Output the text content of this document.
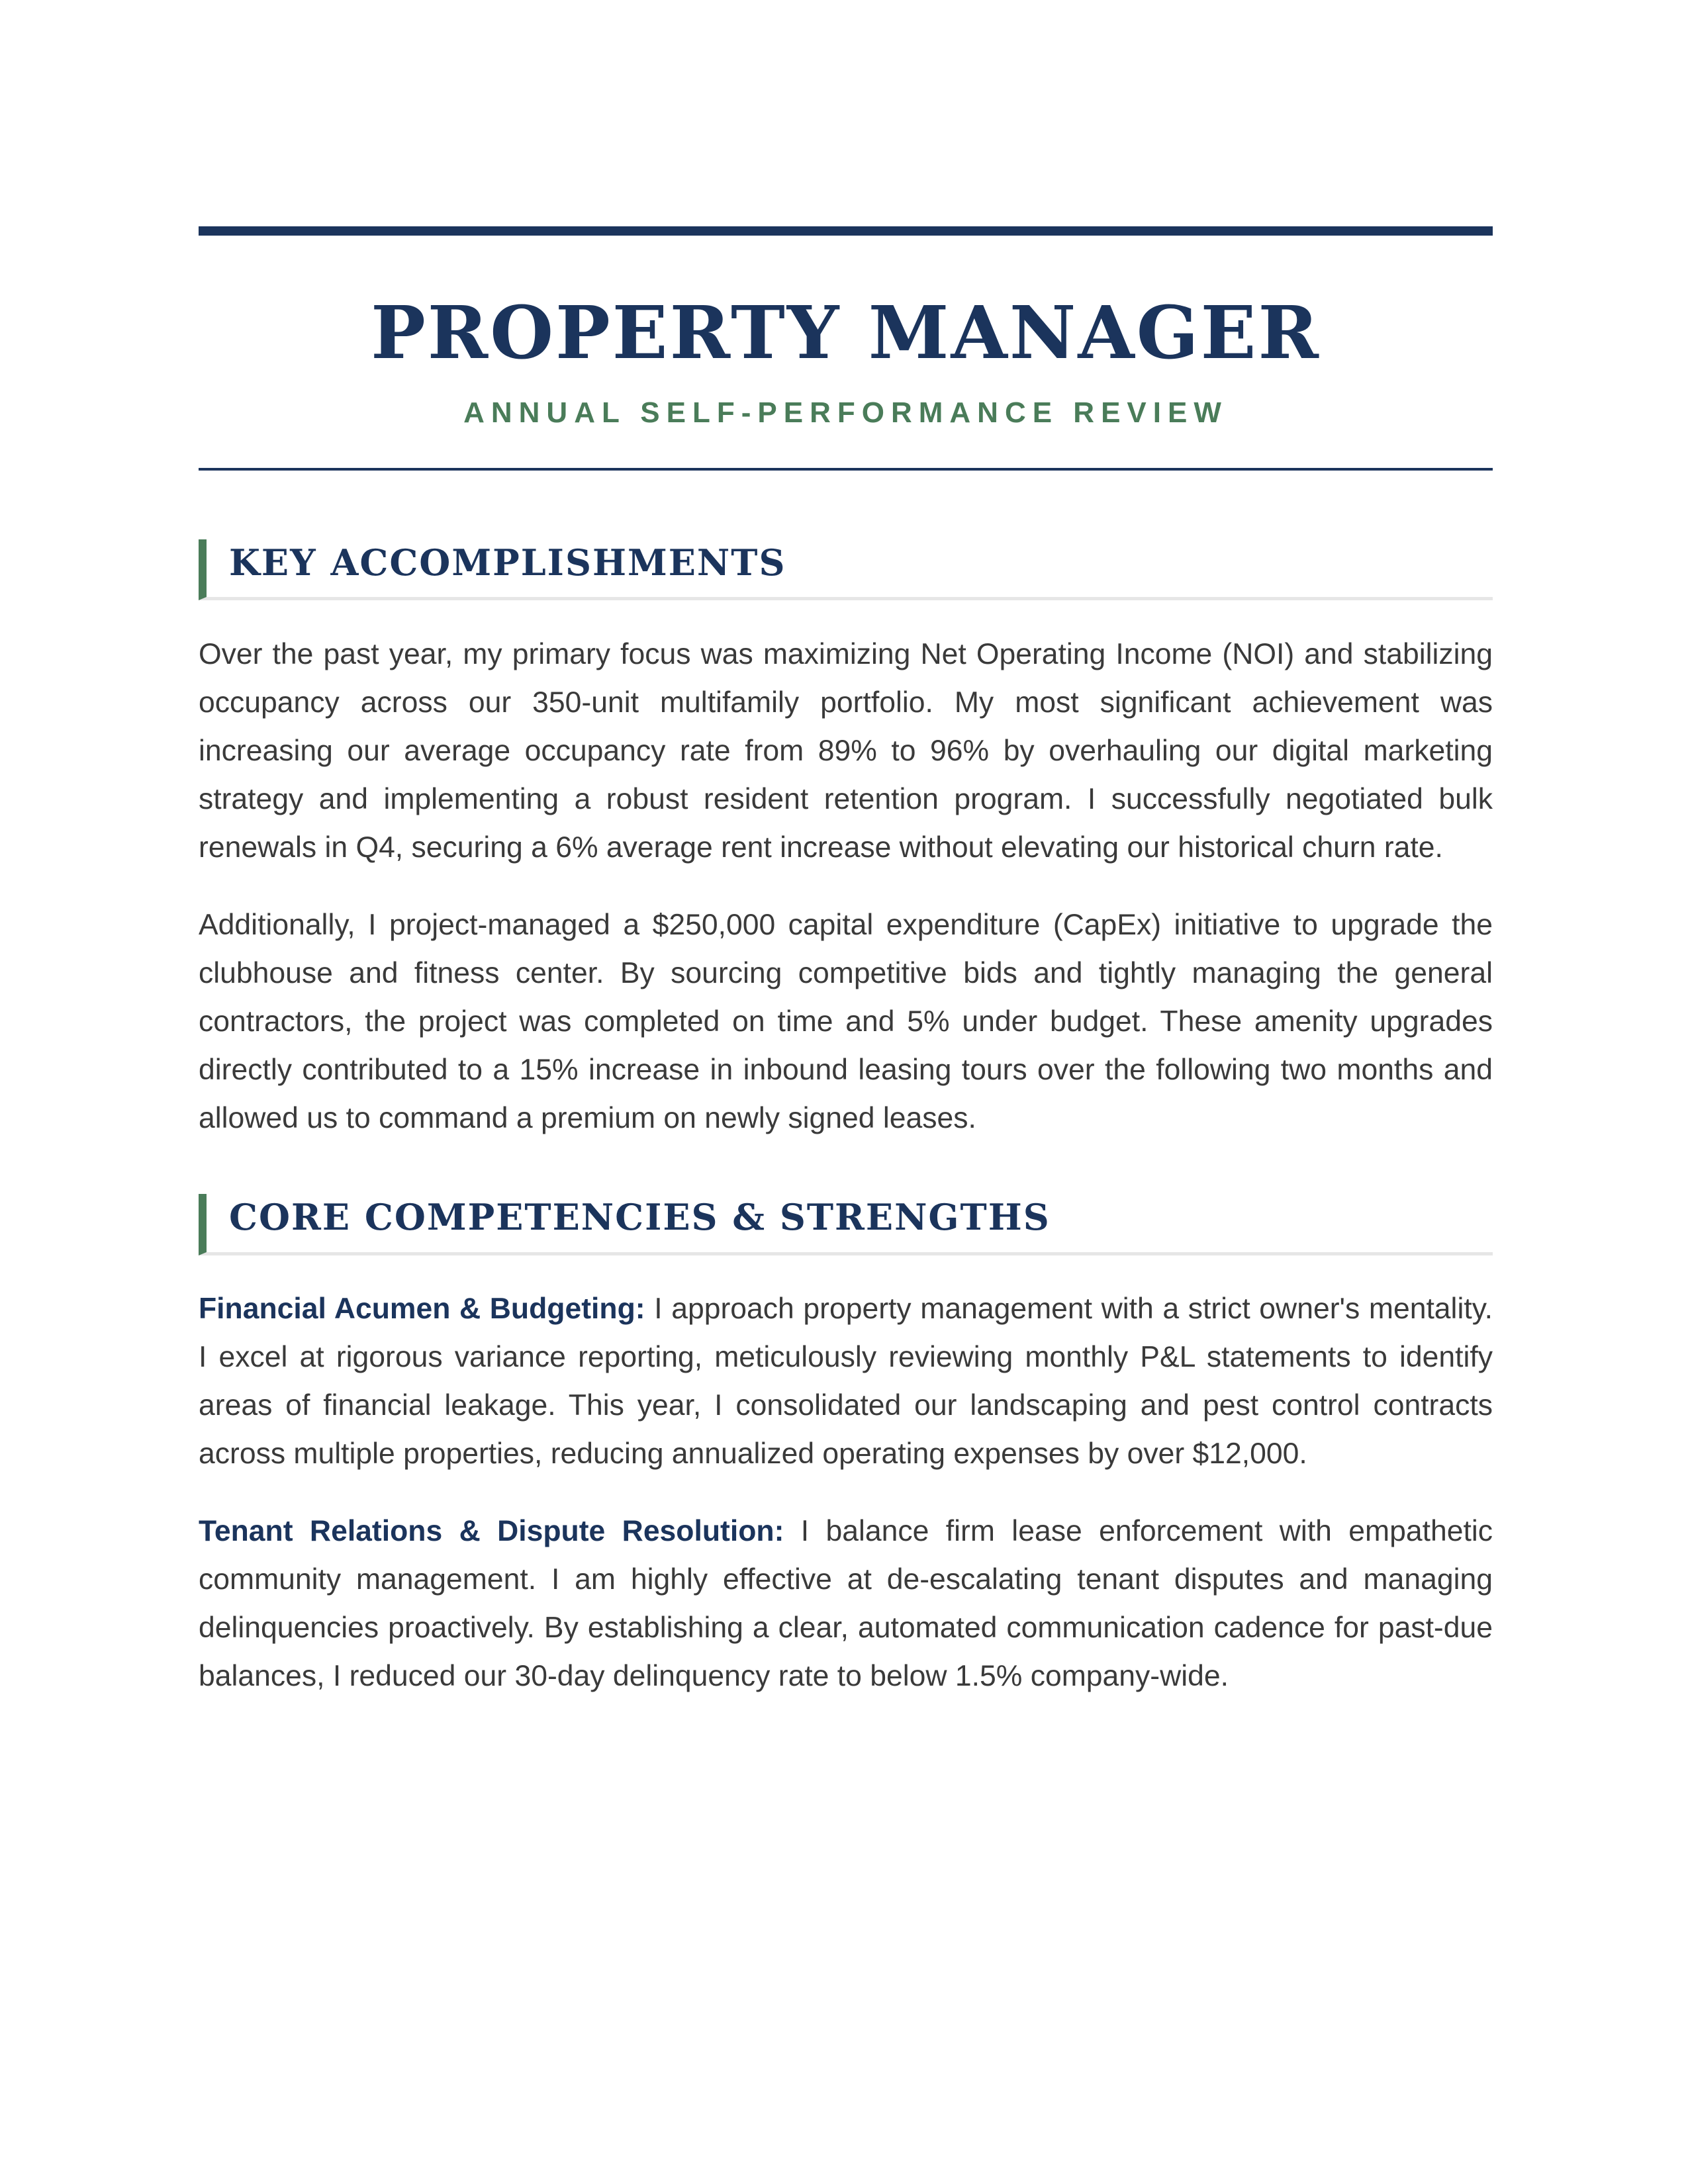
PROPERTY MANAGER
ANNUAL SELF-PERFORMANCE REVIEW
KEY ACCOMPLISHMENTS

Over the past year, my primary focus was maximizing Net Operating Income (NOI) and stabilizing occupancy across our 350-unit multifamily portfolio. My most significant achievement was increasing our average occupancy rate from 89% to 96% by overhauling our digital marketing strategy and implementing a robust resident retention program. I successfully negotiated bulk renewals in Q4, securing a 6% average rent increase without elevating our historical churn rate.

Additionally, I project-managed a $250,000 capital expenditure (CapEx) initiative to upgrade the clubhouse and fitness center. By sourcing competitive bids and tightly managing the general contractors, the project was completed on time and 5% under budget. These amenity upgrades directly contributed to a 15% increase in inbound leasing tours over the following two months and allowed us to command a premium on newly signed leases.

CORE COMPETENCIES & STRENGTHS

Financial Acumen & Budgeting: I approach property management with a strict owner's mentality. I excel at rigorous variance reporting, meticulously reviewing monthly P&L statements to identify areas of financial leakage. This year, I consolidated our landscaping and pest control contracts across multiple properties, reducing annualized operating expenses by over $12,000.

Tenant Relations & Dispute Resolution: I balance firm lease enforcement with empathetic community management. I am highly effective at de-escalating tenant disputes and managing delinquencies proactively. By establishing a clear, automated communication cadence for past-due balances, I reduced our 30-day delinquency rate to below 1.5% company-wide.
